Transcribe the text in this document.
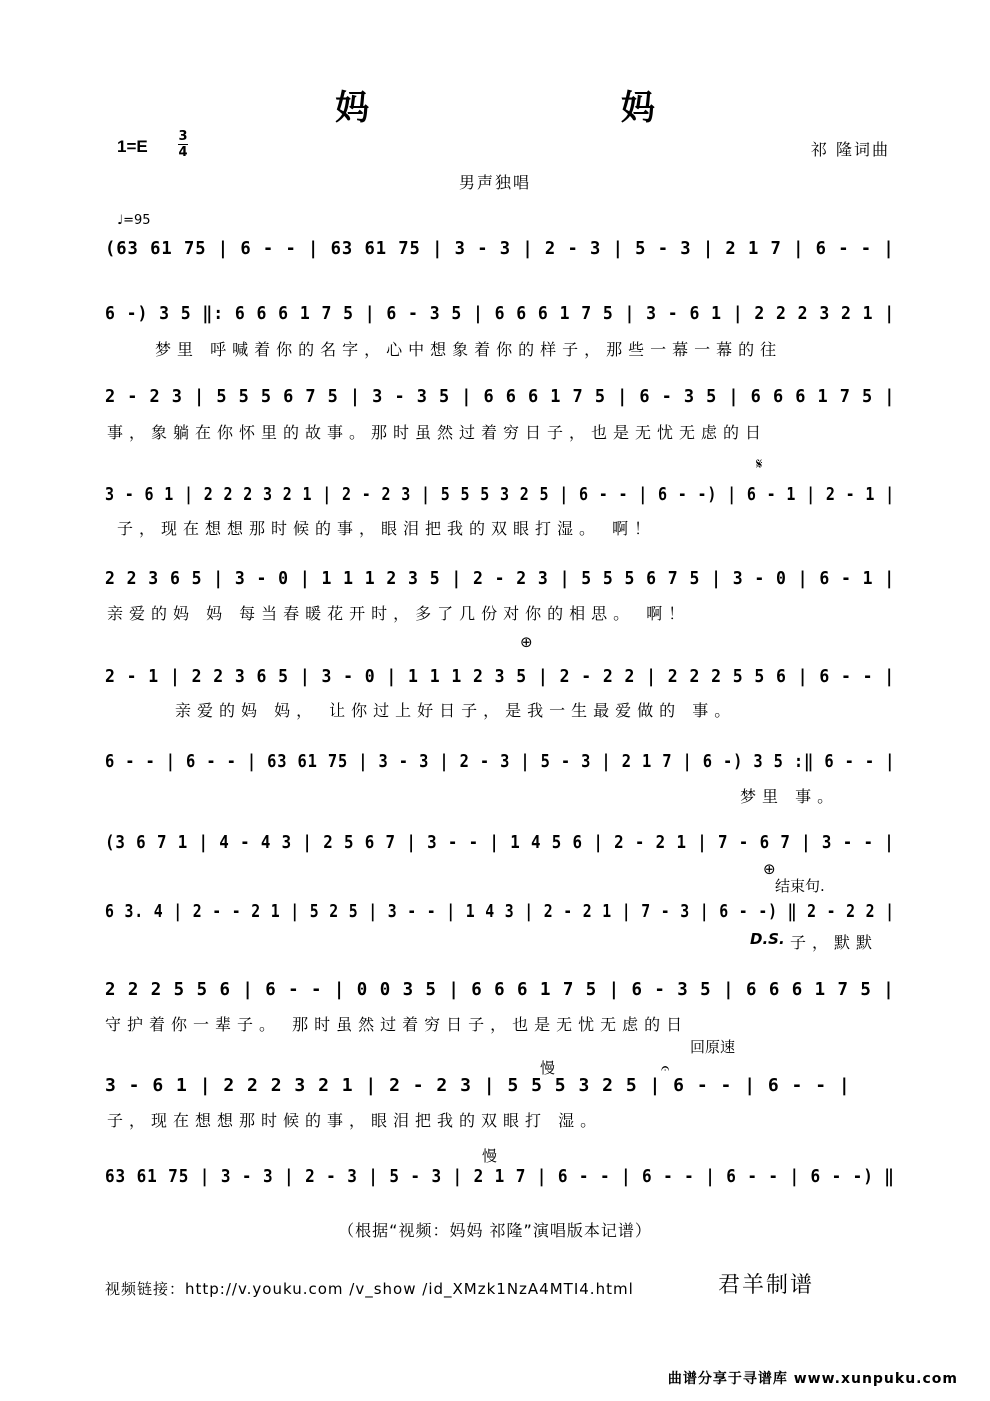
妈 妈
1=E
3
4	祁 隆词曲
男声独唱
♩=95
(63 61 75 | 6 - - | 63 61 75 | 3 - 3 | 2 - 3 | 5 - 3 | 2 1 7 | 6 - - |
6 -) 3 5 ‖: 6 6 6 1 7 5 | 6 - 3 5 | 6 6 6 1 7 5 | 3 - 6 1 | 2 2 2 3 2 1 |
梦里 呼喊着你的名字，心中想象着你的样子，那些一幕一幕的往
2 - 2 3 | 5 5 5 6 7 5 | 3 - 3 5 | 6 6 6 1 7 5 | 6 - 3 5 | 6 6 6 1 7 5 |
事，象躺在你怀里的故事。那时虽然过着穷日子，也是无忧无虑的日
3 - 6 1 | 2 2 2 3 2 1 | 2 - 2 3 | 5 5 5 3 2 5 | 6 - - | 6 - -) | 6 - 1 | 2 - 1 |
子，现在想想那时候的事，眼泪把我的双眼打湿。 啊！
2 2 3 6 5 | 3 - 0 | 1 1 1 2 3 5 | 2 - 2 3 | 5 5 5 6 7 5 | 3 - 0 | 6 - 1 |
亲爱的妈 妈 每当春暖花开时，多了几份对你的相思。 啊！
2 - 1 | 2 2 3 6 5 | 3 - 0 | 1 1 1 2 3 5 | 2 - 2 2 | 2 2 2 5 5 6 | 6 - - |
亲爱的妈 妈， 让你过上好日子，是我一生最爱做的 事。
6 - - | 6 - - | 63 61 75 | 3 - 3 | 2 - 3 | 5 - 3 | 2 1 7 | 6 -) 3 5 :‖ 6 - - |
梦里 事。
(3 6 7 1 | 4 - 4 3 | 2 5 6 7 | 3 - - | 1 4 5 6 | 2 - 2 1 | 7 - 6 7 | 3 - - |
6 3. 4 | 2 - - 2 1 | 5 2 5 | 3 - - | 1 4 3 | 2 - 2 1 | 7 - 3 | 6 - -) ‖ 2 - 2 2 |
子，默默
2 2 2 5 5 6 | 6 - - | 0 0 3 5 | 6 6 6 1 7 5 | 6 - 3 5 | 6 6 6 1 7 5 |
守护着你一辈子。 那时虽然过着穷日子，也是无忧无虑的日
3 - 6 1 | 2 2 2 3 2 1 | 2 - 2 3 | 5 5 5 3 2 5 | 6 - - | 6 - - |
子，现在想想那时候的事，眼泪把我的双眼打 湿。
63 61 75 | 3 - 3 | 2 - 3 | 5 - 3 | 2 1 7 | 6 - - | 6 - - | 6 - - | 6 - -) ‖
𝄋
⊕
⊕
结束句.
D.S.
慢
慢
回原速
𝄐
（根据“视频：妈妈 祁隆”演唱版本记谱）
视频链接：http://v.youku.com /v_show /id_XMzk1NzA4MTI4.html	君羊制谱
曲谱分享于寻谱库 www.xunpuku.com
